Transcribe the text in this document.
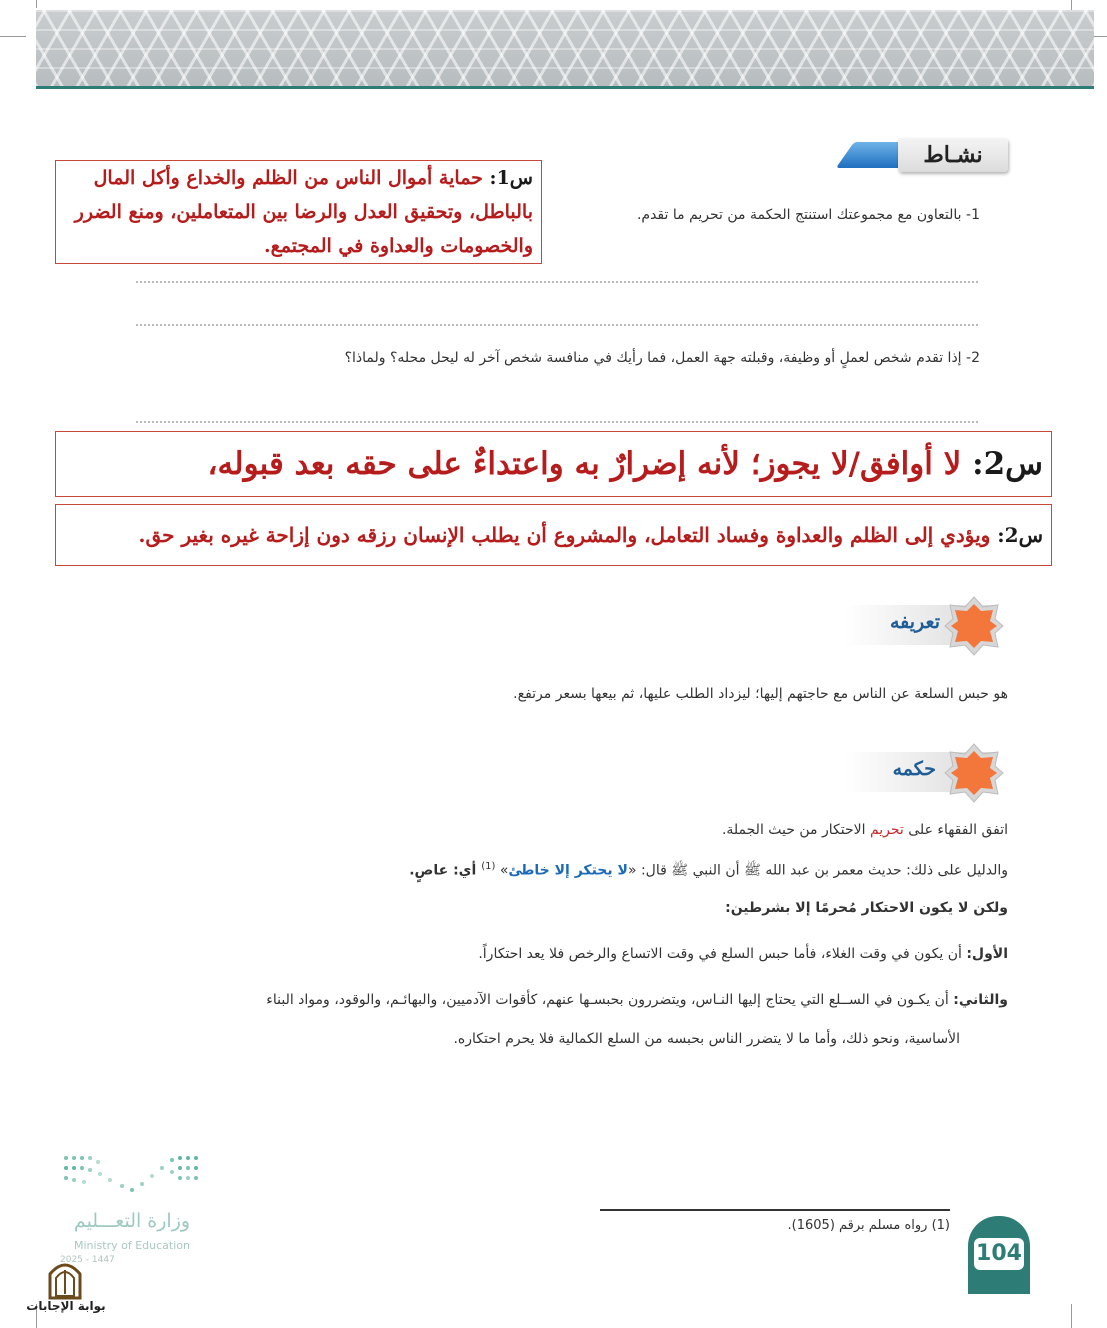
نشـاط
1- بالتعاون مع مجموعتك استنتج الحكمة من تحريم ما تقدم.
2- إذا تقدم شخص لعملٍ أو وظيفة، وقبلته جهة العمل، فما رأيك في منافسة شخص آخر له ليحل محله؟ ولماذا؟
س1: حماية أموال الناس من الظلم والخداع وأكل المال
بالباطل، وتحقيق العدل والرضا بين المتعاملين، ومنع الضرر
والخصومات والعداوة في المجتمع.
س2: لا أوافق/لا يجوز؛ لأنه إضرارٌ به واعتداءٌ على حقه بعد قبوله،
س2: ويؤدي إلى الظلم والعداوة وفساد التعامل، والمشروع أن يطلب الإنسان رزقه دون إزاحة غيره بغير حق.
تعريفه
هو حبس السلعة عن الناس مع حاجتهم إليها؛ ليزداد الطلب عليها، ثم بيعها بسعر مرتفع.
حكمه
اتفق الفقهاء على تحريم الاحتكار من حيث الجملة.
والدليل على ذلك: حديث معمر بن عبد الله ﷺ أن النبي ﷺ قال: «لا يحتكر إلا خاطئ» $^{(1)}$ أي: عاصٍ.
ولكن لا يكون الاحتكار مُحرمًا إلا بشرطين:
الأول: أن يكون في وقت الغلاء، فأما حبس السلع في وقت الاتساع والرخص فلا يعد احتكاراً.
والثاني: أن يكـون في الســلع التي يحتاج إليها النـاس، ويتضررون بحبسـها عنهم، كأقوات الآدميين، والبهائـم، والوقود، ومواد البناء
الأساسية، ونحو ذلك، وأما ما لا يتضرر الناس بحبسه من السلع الكمالية فلا يحرم احتكاره.
وزارة التعـــليم
Ministry of Education
2025 - 1447
بوابة الإجابات
(1) رواه مسلم برقم (1605).
104
